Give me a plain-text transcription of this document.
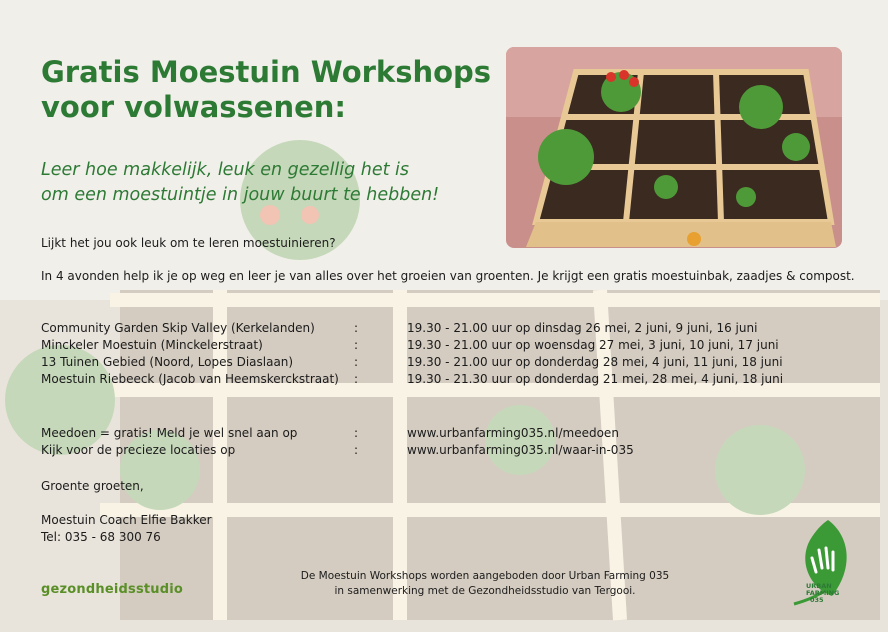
Gratis Moestuin Workshops
voor volwassenen:

Leer hoe makkelijk, leuk en gezellig het is
om een moestuintje in jouw buurt te hebben!

Lijkt het jou ook leuk om te leren moestuinieren?

In 4 avonden help ik je op weg en leer je van alles over het groeien van groenten. Je krijgt een gratis moestuinbak, zaadjes & compost.

Community Garden Skip Valley (Kerkelanden)	:	19.30 - 21.00 uur op dinsdag 26 mei, 2 juni, 9 juni, 16 juni
Minckeler Moestuin (Minckelerstraat)	:	19.30 - 21.00 uur op woensdag 27 mei, 3 juni, 10 juni, 17 juni
13 Tuinen Gebied (Noord, Lopes Diaslaan)	:	19.30 - 21.00 uur op donderdag 28 mei, 4 juni, 11 juni, 18 juni
Moestuin Riebeeck (Jacob van Heemskerckstraat) :	19.30 - 21.30 uur op donderdag 21 mei, 28 mei, 4 juni, 18 juni
Meedoen = gratis! Meld je wel snel aan op	:	www.urbanfarming035.nl/meedoen
Kijk voor de precieze locaties op	:	www.urbanfarming035.nl/waar-in-035
Groente groeten,
Moestuin Coach Elfie Bakker
Tel: 035 - 68 300 76
De Moestuin Workshops worden aangeboden door Urban Farming 035
in samenwerking met de Gezondheidsstudio van Tergooi.
gezondheidsstudio	URBAN
FARMING
035
